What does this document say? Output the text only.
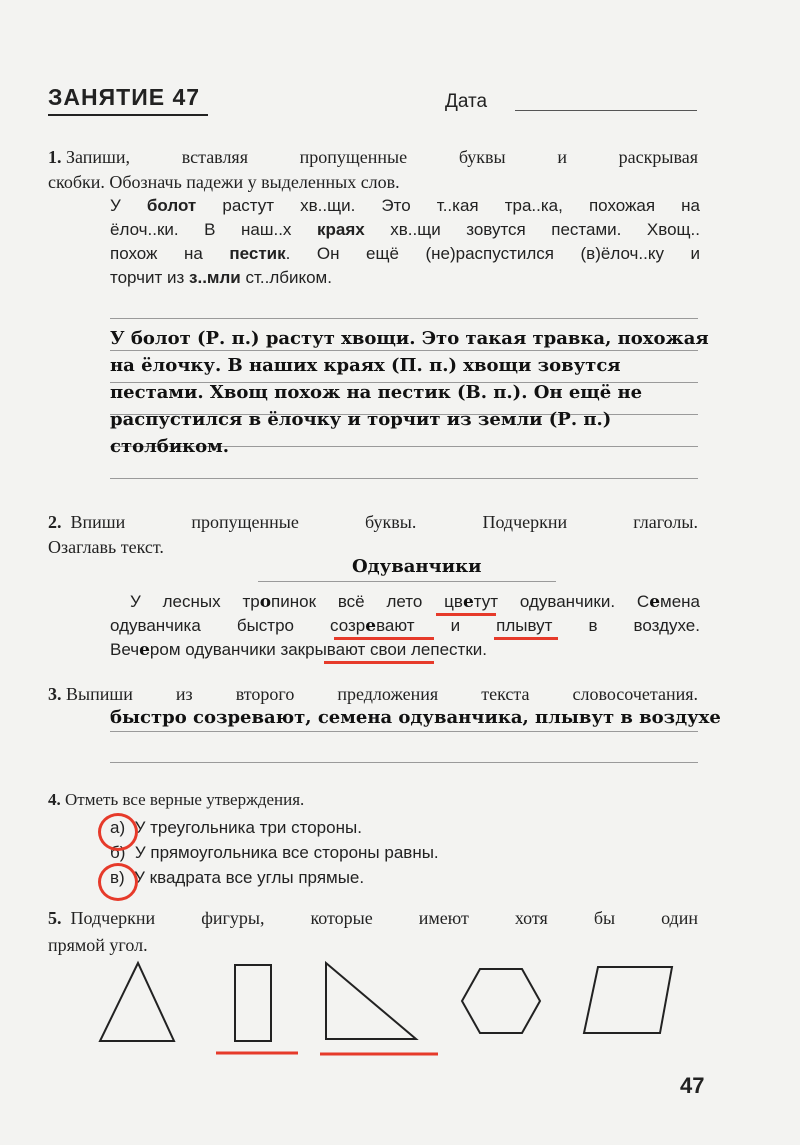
ЗАНЯТИЕ 47	Дата
1. Запиши, вставляя пропущенные буквы и раскрывая
скобки. Обозначь падежи у выделенных слов.
У болот растут хв..щи. Это т..кая тра..ка, похожая на
ёлоч..ки. В наш..х краях хв..щи зовутся пестами. Хвощ..
похож на пестик. Он ещё (не)распустился (в)ёлоч..ку и
торчит из з..мли ст..лбиком.
У болот (Р. п.) растут хвощи. Это такая травка, похожая
на ёлочку. В наших краях (П. п.) хвощи зовутся
пестами. Хвощ похож на пестик (В. п.). Он ещё не
распустился в ёлочку и торчит из земли (Р. п.)
столбиком.
2.
Впиши пропущенные буквы. Подчеркни глаголы.
Озаглавь текст.
Одуванчики
У лесных тропинок всё лето цветут одуванчики. Семена
одуванчика быстро созревают и плывут в воздухе.
Вечером одуванчики закрывают свои лепестки.
3.
Выпиши из второго предложения текста словосочетания.
быстро созревают, семена одуванчика, плывут в воздухе
4. Отметь все верные утверждения.
а) У треугольника три стороны.
б) У прямоугольника все стороны равны.
в) У квадрата все углы прямые.
5.
Подчеркни фигуры, которые имеют хотя бы один
прямой угол.
47
